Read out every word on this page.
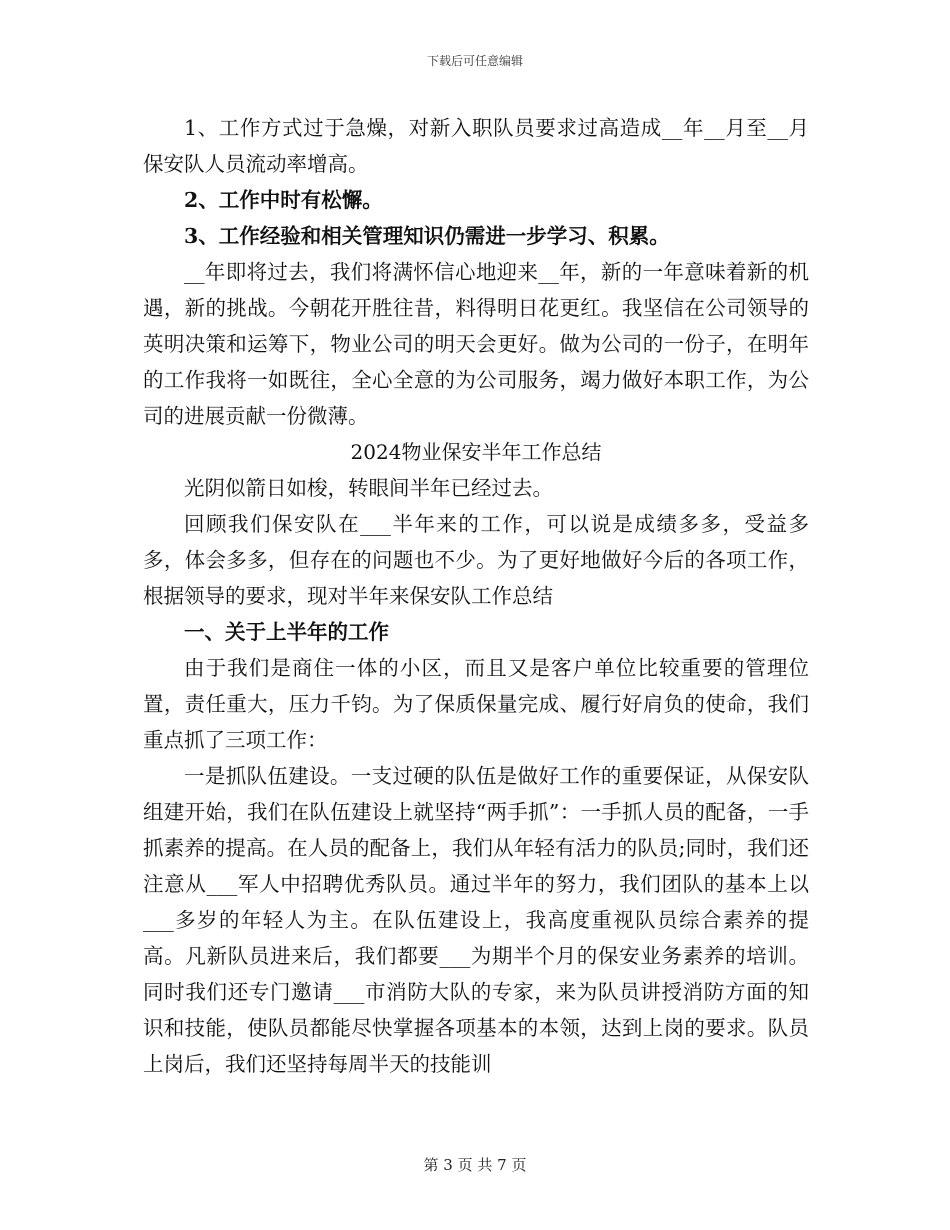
下载后可任意编辑

1、工作方式过于急燥，对新入职队员要求过高造成__年__月至__月保安队人员流动率增高。

2、工作中时有松懈。

3、工作经验和相关管理知识仍需进一步学习、积累。

__年即将过去，我们将满怀信心地迎来__年，新的一年意味着新的机遇，新的挑战。今朝花开胜往昔，料得明日花更红。我坚信在公司领导的英明决策和运筹下，物业公司的明天会更好。做为公司的一份子，在明年的工作我将一如既往，全心全意的为公司服务，竭力做好本职工作，为公司的进展贡献一份微薄。

2024物业保安半年工作总结

光阴似箭日如梭，转眼间半年已经过去。

回顾我们保安队在___半年来的工作，可以说是成绩多多，受益多多，体会多多，但存在的问题也不少。为了更好地做好今后的各项工作，根据领导的要求，现对半年来保安队工作总结

一、关于上半年的工作

由于我们是商住一体的小区，而且又是客户单位比较重要的管理位置，责任重大，压力千钧。为了保质保量完成、履行好肩负的使命，我们重点抓了三项工作：

一是抓队伍建设。一支过硬的队伍是做好工作的重要保证，从保安队组建开始，我们在队伍建设上就坚持“两手抓”：一手抓人员的配备，一手抓素养的提高。在人员的配备上，我们从年轻有活力的队员;同时，我们还注意从___军人中招聘优秀队员。通过半年的努力，我们团队的基本上以___多岁的年轻人为主。在队伍建设上，我高度重视队员综合素养的提高。凡新队员进来后，我们都要___为期半个月的保安业务素养的培训。同时我们还专门邀请___市消防大队的专家，来为队员讲授消防方面的知识和技能，使队员都能尽快掌握各项基本的本领，达到上岗的要求。队员上岗后，我们还坚持每周半天的技能训

第 3 页 共 7 页
